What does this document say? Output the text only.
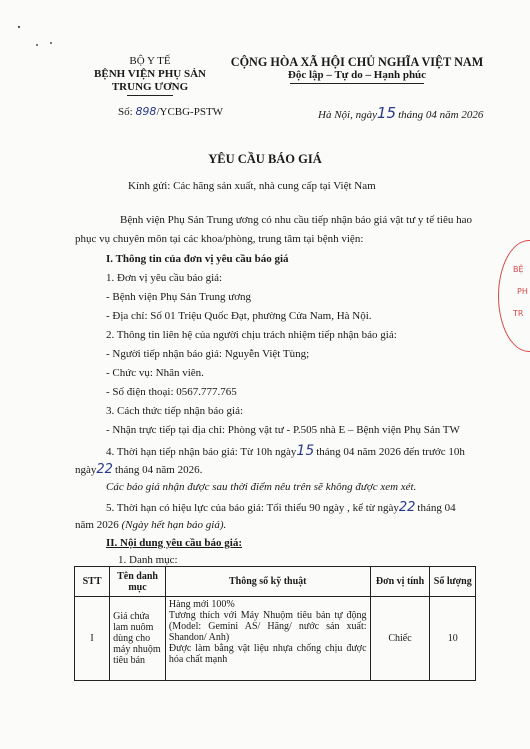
BỘ Y TẾ
BỆNH VIỆN PHỤ SẢN
TRUNG ƯƠNG
CỘNG HÒA XÃ HỘI CHỦ NGHĨA VIỆT NAM
Độc lập – Tự do – Hạnh phúc
Số: 898/YCBG-PSTW	Hà Nội, ngày15 tháng 04 năm 2026
YÊU CẦU BÁO GIÁ
Kính gửi: Các hãng sản xuất, nhà cung cấp tại Việt Nam
Bệnh viện Phụ Sản Trung ương có nhu cầu tiếp nhận báo giá vật tư y tế tiêu hao
phục vụ chuyên môn tại các khoa/phòng, trung tâm tại bệnh viện:
I. Thông tin của đơn vị yêu cầu báo giá
1. Đơn vị yêu cầu báo giá:
- Bệnh viện Phụ Sản Trung ương
- Địa chỉ: Số 01 Triệu Quốc Đạt, phường Cửa Nam, Hà Nội.
2. Thông tin liên hệ của người chịu trách nhiệm tiếp nhận báo giá:
- Người tiếp nhận báo giá: Nguyễn Việt Tùng;
- Chức vụ: Nhân viên.
- Số điện thoại: 0567.777.765
3. Cách thức tiếp nhận báo giá:
- Nhận trực tiếp tại địa chỉ: Phòng vật tư - P.505 nhà E – Bệnh viện Phụ Sản TW
4. Thời hạn tiếp nhận báo giá: Từ 10h ngày15 tháng 04 năm 2026 đến trước 10h
ngày22 tháng 04 năm 2026.
Các báo giá nhận được sau thời điểm nêu trên sẽ không được xem xét.
5. Thời hạn có hiệu lực của báo giá: Tối thiểu 90 ngày , kể từ ngày22 tháng 04
năm 2026 (Ngày hết hạn báo giá).
II. Nội dung yêu cầu báo giá:
1. Danh mục:
STT	Tên danh mục	Thông số kỹ thuật	Đơn vị tính	Số lượng
I	Giá chứa lam nuôm dùng cho máy nhuộm tiêu bản	Hàng mới 100%
Tương thích với Máy Nhuộm tiêu bản tự động (Model: Gemini AS/ Hãng/ nước sản xuất: Shandon/ Anh)
Được làm bằng vật liệu nhựa chống chịu được hóa chất mạnh	Chiếc	10
BỆ
PH
TR
